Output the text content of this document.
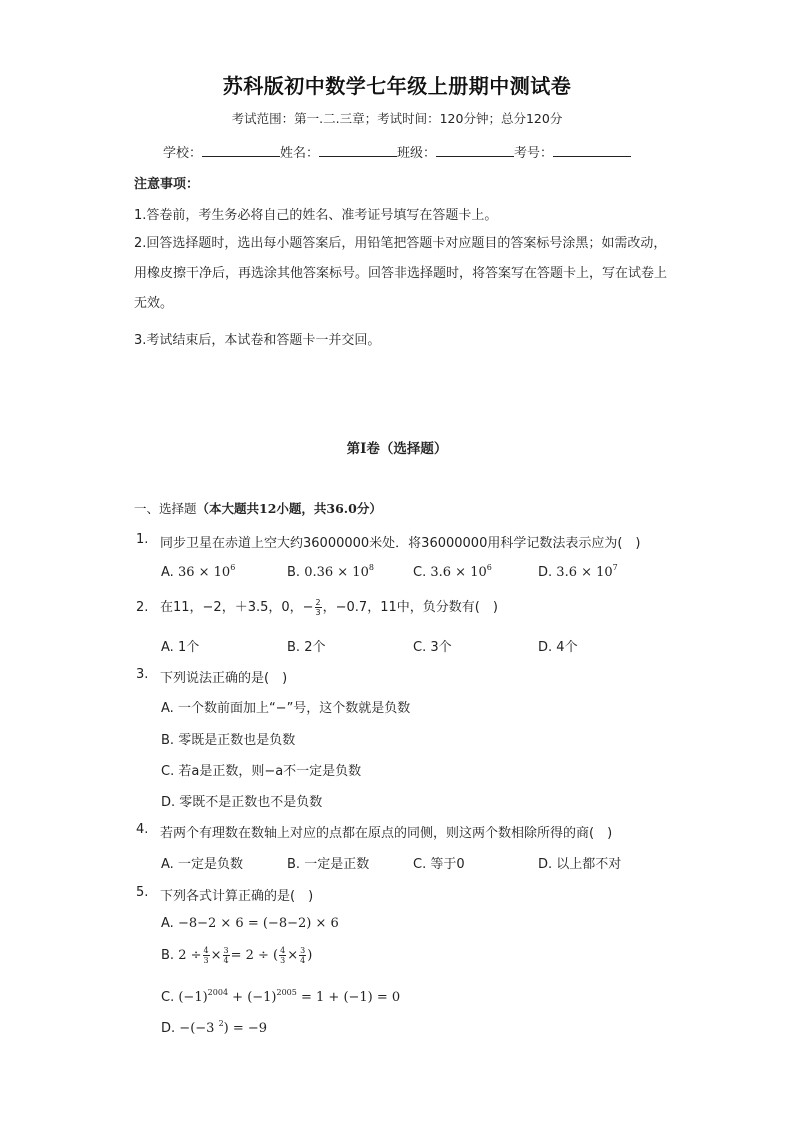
苏科版初中数学七年级上册期中测试卷
考试范围：第一.二.三章；考试时间：120分钟；总分120分
学校：	姓名：	班级：	考号：
注意事项：
1.答卷前，考生务必将自己的姓名、准考证号填写在答题卡上。
2.回答选择题时，选出每小题答案后，用铅笔把答题卡对应题目的答案标号涂黑；如需改动，用橡皮擦干净后，再选涂其他答案标号。回答非选择题时，将答案写在答题卡上，写在试卷上无效。
3.考试结束后，本试卷和答题卡一并交回。
第I卷（选择题）
一、选择题（本大题共12小题，共36.0分）
1. 同步卫星在赤道上空大约36000000米处．将36000000用科学记数法表示应为(　)
A. $36 \times 10^6$	B. $0.36 \times 10^8$	C. $3.6 \times 10^6$	D. $3.6 \times 10^7$
2. 在11，−2，＋3.5，0，− $\frac{2}{3}$ ，−0.7，11中，负分数有(　)
A. 1个	B. 2个	C. 3个	D. 4个
3. 下列说法正确的是(　)
A. 一个数前面加上“−”号，这个数就是负数
B. 零既是正数也是负数
C. 若a是正数，则−a不一定是负数
D. 零既不是正数也不是负数
4. 若两个有理数在数轴上对应的点都在原点的同侧，则这两个数相除所得的商(　)
A. 一定是负数	B. 一定是正数	C. 等于0	D. 以上都不对
5. 下列各式计算正确的是(　)
A. −8−2 × 6 = (−8−2) × 6
B. $2 \div \frac{4}{3} \times \frac{3}{4} = 2$ ÷ ( $\frac{4}{3} \times \frac{3}{4}$ )
C. $(-1)^{2004} + (-1)^{2005} = 1 + (-1) = 0$
D. −(−3 $^2$) = −9
